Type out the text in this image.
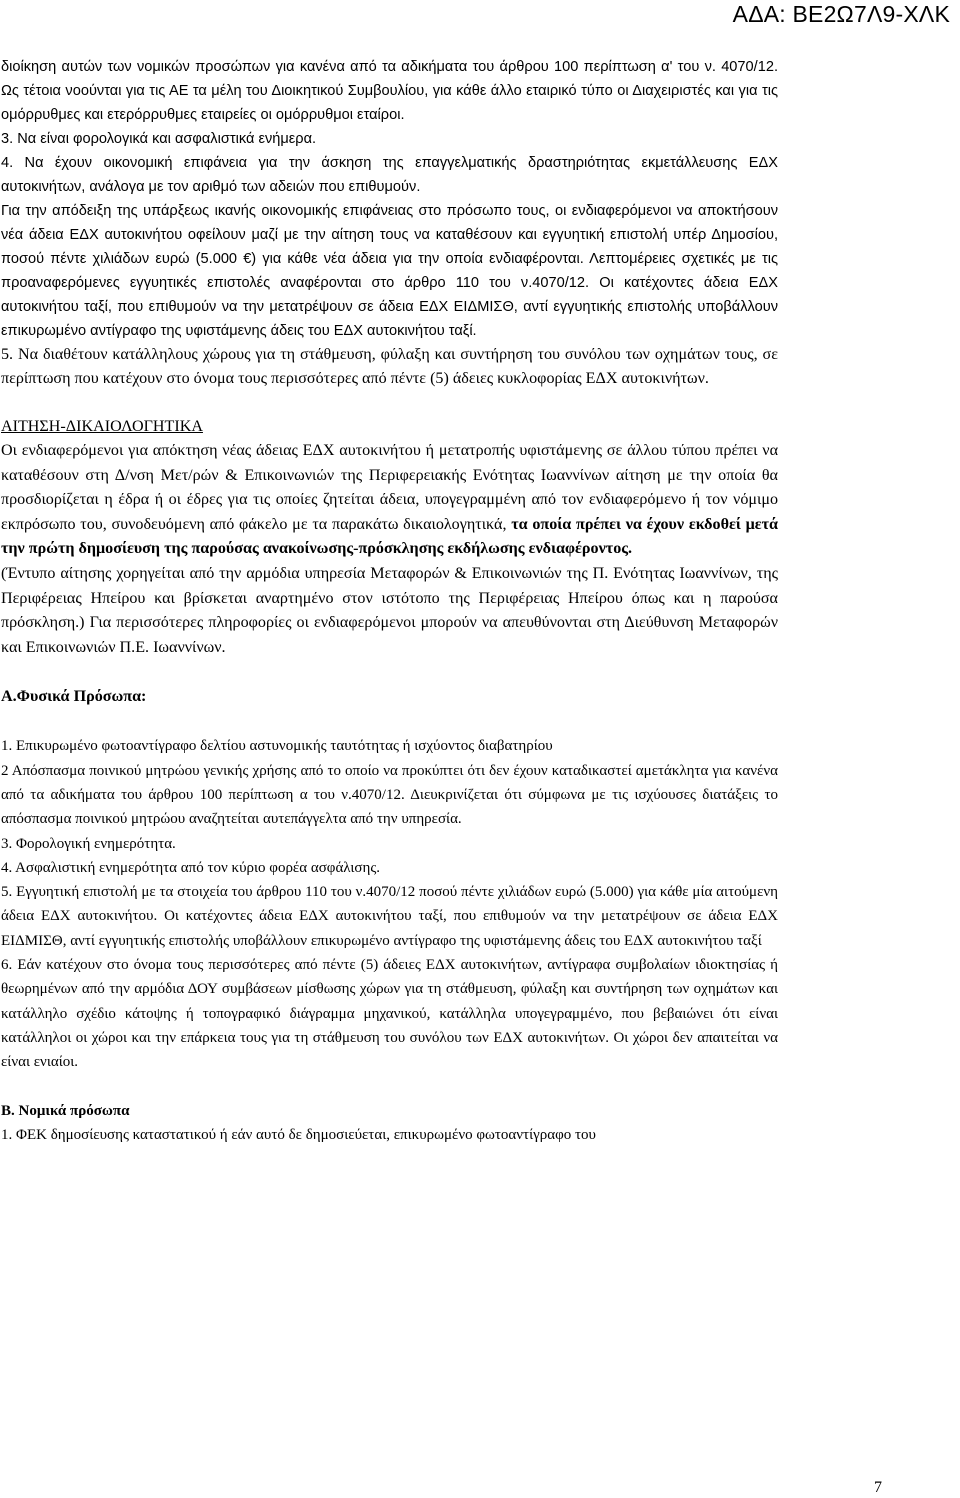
ΑΔΑ: ΒΕ2Ω7Λ9-ΧΛΚ

διοίκηση αυτών των νομικών προσώπων για κανένα από τα αδικήματα του άρθρου 100 περίπτωση α' του ν. 4070/12. Ως τέτοια νοούνται για τις ΑΕ τα μέλη του Διοικητικού Συμβουλίου, για κάθε άλλο εταιρικό τύπο οι Διαχειριστές και για τις ομόρρυθμες και ετερόρρυθμες εταιρείες οι ομόρρυθμοι εταίροι.

3. Να είναι φορολογικά και ασφαλιστικά ενήμερα.

4. Να έχουν οικονομική επιφάνεια για την άσκηση της επαγγελματικής δραστηριότητας εκμετάλλευσης ΕΔΧ αυτοκινήτων, ανάλογα με τον αριθμό των αδειών που επιθυμούν.

Για την απόδειξη της υπάρξεως ικανής οικονομικής επιφάνειας στο πρόσωπο τους, οι ενδιαφερόμενοι να αποκτήσουν νέα άδεια ΕΔΧ αυτοκινήτου οφείλουν μαζί με την αίτηση τους να καταθέσουν και εγγυητική επιστολή υπέρ Δημοσίου, ποσού πέντε χιλιάδων ευρώ (5.000 €) για κάθε νέα άδεια για την οποία ενδιαφέρονται. Λεπτομέρειες σχετικές με τις προαναφερόμενες εγγυητικές επιστολές αναφέρονται στο άρθρο 110 του ν.4070/12. Οι κατέχοντες άδεια ΕΔΧ αυτοκινήτου ταξί, που επιθυμούν να την μετατρέψουν σε άδεια ΕΔΧ ΕΙΔΜΙΣΘ, αντί εγγυητικής επιστολής υποβάλλουν επικυρωμένο αντίγραφο της υφιστάμενης άδεις του ΕΔΧ αυτοκινήτου ταξί.

5. Να διαθέτουν κατάλληλους χώρους για τη στάθμευση, φύλαξη και συντήρηση του συνόλου των οχημάτων τους, σε περίπτωση που κατέχουν στο όνομα τους περισσότερες από πέντε (5) άδειες κυκλοφορίας ΕΔΧ αυτοκινήτων.

ΑΙΤΗΣΗ-ΔΙΚΑΙΟΛΟΓΗΤΙΚΑ

Οι ενδιαφερόμενοι για απόκτηση νέας άδειας ΕΔΧ αυτοκινήτου ή μετατροπής υφιστάμενης σε άλλου τύπου πρέπει να καταθέσουν στη Δ/νση Μετ/ρών & Επικοινωνιών της Περιφερειακής Ενότητας Ιωαννίνων αίτηση με την οποία θα προσδιορίζεται η έδρα ή οι έδρες για τις οποίες ζητείται άδεια, υπογεγραμμένη από τον ενδιαφερόμενο ή τον νόμιμο εκπρόσωπο του, συνοδευόμενη από φάκελο με τα παρακάτω δικαιολογητικά, τα οποία πρέπει να έχουν εκδοθεί μετά την πρώτη δημοσίευση της παρούσας ανακοίνωσης-πρόσκλησης εκδήλωσης ενδιαφέροντος.

(Έντυπο αίτησης χορηγείται από την αρμόδια υπηρεσία Μεταφορών & Επικοινωνιών της Π. Ενότητας Ιωαννίνων, της Περιφέρειας Ηπείρου και βρίσκεται αναρτημένο στον ιστότοπο της Περιφέρειας Ηπείρου όπως και η παρούσα πρόσκληση.) Για περισσότερες πληροφορίες οι ενδιαφερόμενοι μπορούν να απευθύνονται στη Διεύθυνση Μεταφορών και Επικοινωνιών Π.Ε. Ιωαννίνων.

Α.Φυσικά Πρόσωπα:

1. Επικυρωμένο φωτοαντίγραφο δελτίου αστυνομικής ταυτότητας ή ισχύοντος διαβατηρίου

2 Απόσπασμα ποινικού μητρώου γενικής χρήσης από το οποίο να προκύπτει ότι δεν έχουν καταδικαστεί αμετάκλητα για κανένα από τα αδικήματα του άρθρου 100 περίπτωση α του ν.4070/12. Διευκρινίζεται ότι σύμφωνα με τις ισχύουσες διατάξεις το απόσπασμα ποινικού μητρώου αναζητείται αυτεπάγγελτα από την υπηρεσία.

3. Φορολογική ενημερότητα.

4. Ασφαλιστική ενημερότητα από τον κύριο φορέα ασφάλισης.

5. Εγγυητική επιστολή με τα στοιχεία του άρθρου 110 του ν.4070/12 ποσού πέντε χιλιάδων ευρώ (5.000) για κάθε μία αιτούμενη άδεια ΕΔΧ αυτοκινήτου. Οι κατέχοντες άδεια ΕΔΧ αυτοκινήτου ταξί, που επιθυμούν να την μετατρέψουν σε άδεια ΕΔΧ ΕΙΔΜΙΣΘ, αντί εγγυητικής επιστολής υποβάλλουν επικυρωμένο αντίγραφο της υφιστάμενης άδεις του ΕΔΧ αυτοκινήτου ταξί

6. Εάν κατέχουν στο όνομα τους περισσότερες από πέντε (5) άδειες ΕΔΧ αυτοκινήτων, αντίγραφα συμβολαίων ιδιοκτησίας ή θεωρημένων από την αρμόδια ΔΟΥ συμβάσεων μίσθωσης χώρων για τη στάθμευση, φύλαξη και συντήρηση των οχημάτων και κατάλληλο σχέδιο κάτοψης ή τοπογραφικό διάγραμμα μηχανικού, κατάλληλα υπογεγραμμένο, που βεβαιώνει ότι είναι κατάλληλοι οι χώροι και την επάρκεια τους για τη στάθμευση του συνόλου των ΕΔΧ αυτοκινήτων. Οι χώροι δεν απαιτείται να είναι ενιαίοι.

Β. Νομικά πρόσωπα

1. ΦΕΚ δημοσίευσης καταστατικού ή εάν αυτό δε δημοσιεύεται, επικυρωμένο φωτοαντίγραφο του

7
